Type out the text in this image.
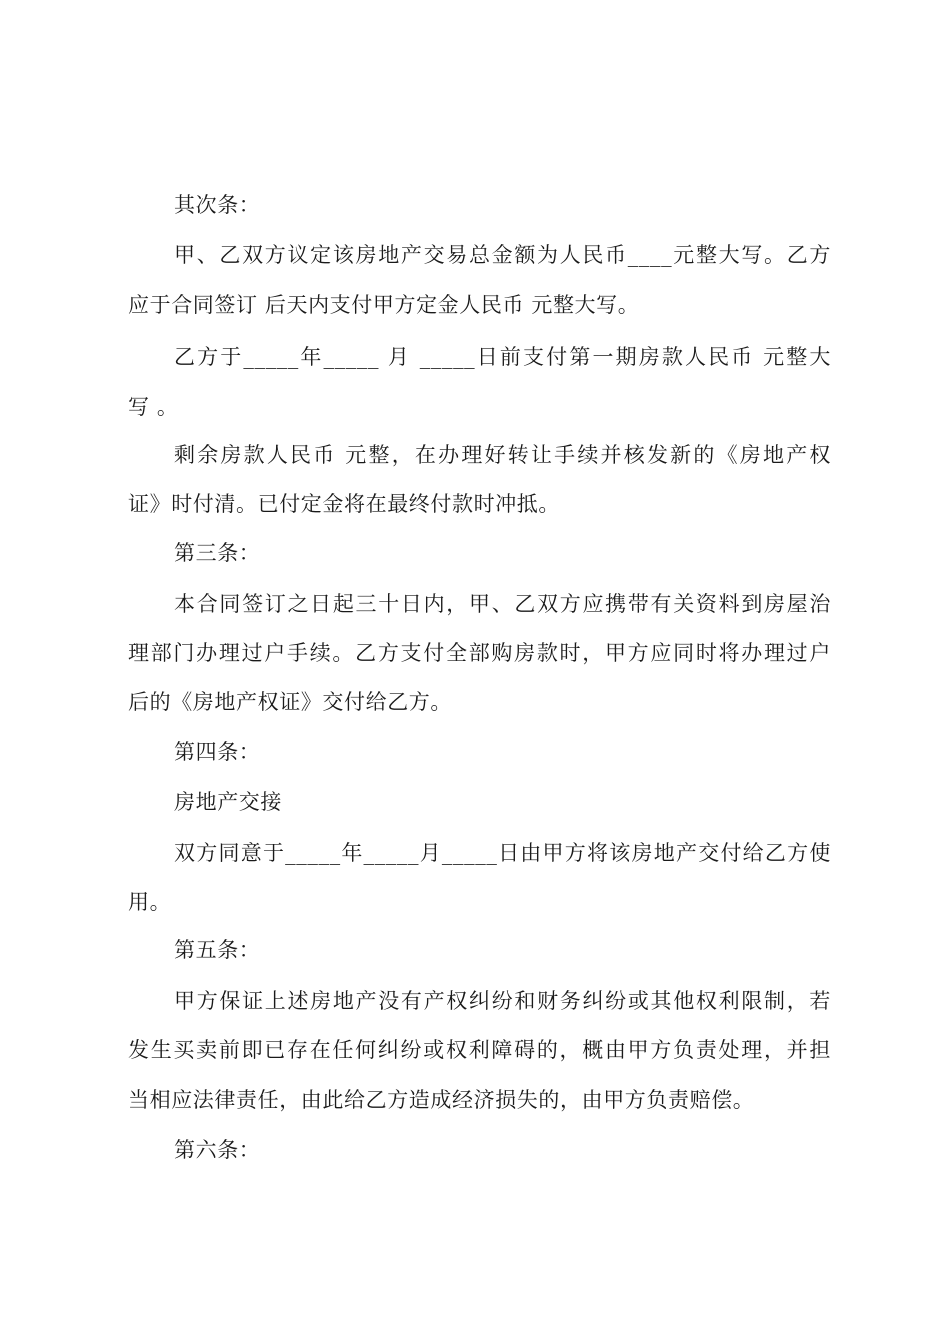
其次条：
甲、乙双方议定该房地产交易总金额为人民币____元整大写。乙方
应于合同签订 后天内支付甲方定金人民币 元整大写。
乙方于_____年_____ 月 _____日前支付第一期房款人民币 元整大
写 。
剩余房款人民币 元整，在办理好转让手续并核发新的《房地产权
证》时付清。已付定金将在最终付款时冲抵。
第三条：
本合同签订之日起三十日内，甲、乙双方应携带有关资料到房屋治
理部门办理过户手续。乙方支付全部购房款时，甲方应同时将办理过户
后的《房地产权证》交付给乙方。
第四条：
房地产交接
双方同意于_____年_____月_____日由甲方将该房地产交付给乙方使
用。
第五条：
甲方保证上述房地产没有产权纠纷和财务纠纷或其他权利限制，若
发生买卖前即已存在任何纠纷或权利障碍的，概由甲方负责处理，并担
当相应法律责任，由此给乙方造成经济损失的，由甲方负责赔偿。
第六条：
